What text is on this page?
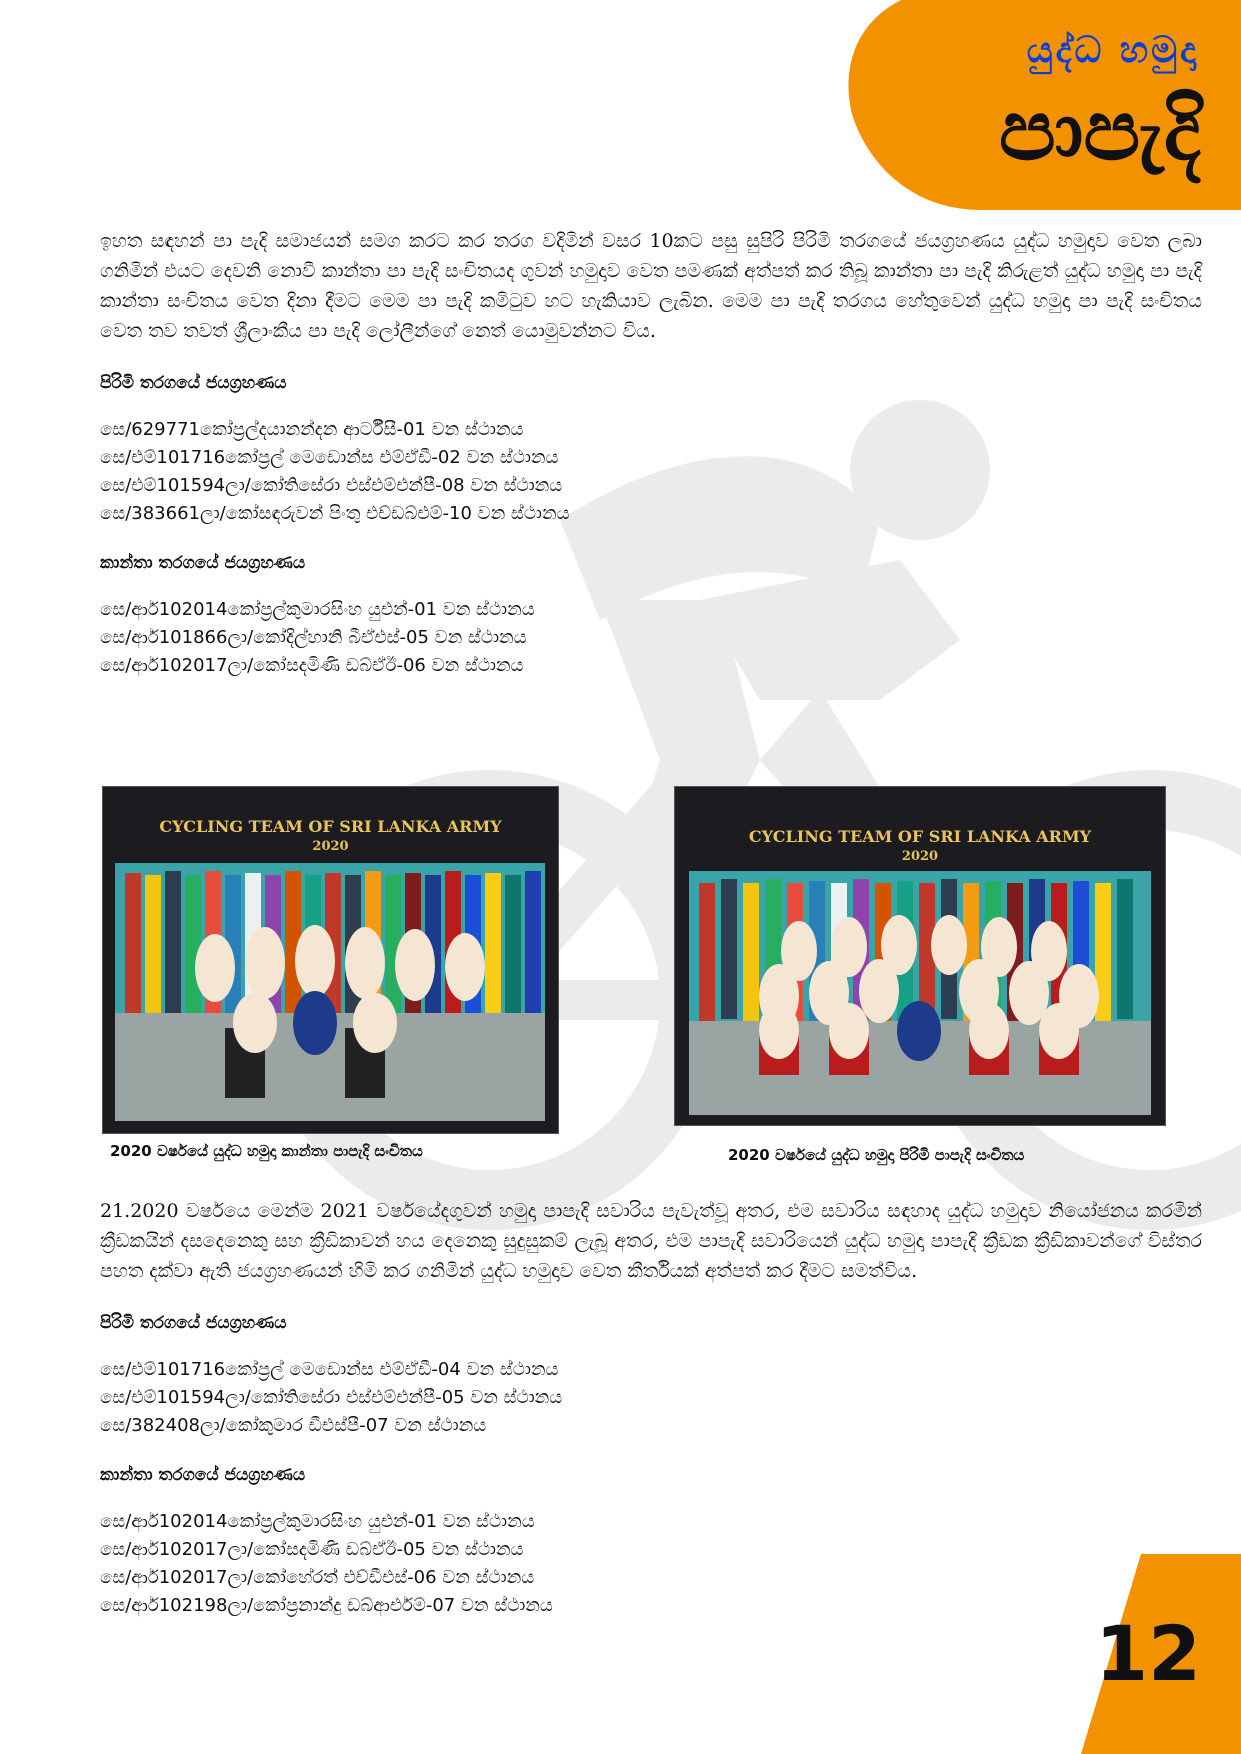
යුද්ධ හමුදා
පාපැදි

ඉහත සඳහන් පා පැදි සමාජයන් සමග කරට කර තරග වදිමින් වසර 10කට පසු සුපිරි පිරිමි තරගයේ ජයග්‍රහණය යුද්ධ හමුදාව වෙත ලබා ගනිමින් එයට දෙවනි නොවී කාන්තා පා පැදි සංචිතයද ගුවන් හමුදාව වෙත පමණක් අත්පත් කර තිබූ කාන්තා පා පැදි කිරුළත් යුද්ධ හමුදා පා පැදි කාන්තා සංචිතය වෙත දිනා දීමට මෙම පා පැදි කමිටුව හට හැකියාව ලැබින. මෙම පා පැදි තරගය හේතුවෙන් යුද්ධ හමුදා පා පැදි සංචිතය වෙත තව තවත් ශ්‍රීලාංකීය පා පැදි ලෝලීන්ගේ නෙත් යොමුවන්නට විය.

පිරිමි තරගයේ ජයග්‍රහණය

සෙ/629771කෝප්‍රල්දයානන්දන ආර්ටීසී-01 වන ස්ථානය
සෙ/එම්101716කෝප්‍රල් මෙඩොන්ස එම්ඒඩී-02 වන ස්ථානය
සෙ/එම්101594ලා/කෝතිසේරා එස්එම්එන්පී-08 වන ස්ථානය
සෙ/383661ලා/කෝසඳරුවන් පිංතු එච්ඩබ්එම්-10 වන ස්ථානය

කාන්තා තරගයේ ජයග්‍රහණය

සෙ/ආර්102014කෝප්‍රල්කුමාරසිංහ යුඑන්-01 වන ස්ථානය
සෙ/ආර්101866ලා/කෝදිල්හානි බීඒඑස්-05 වන ස්ථානය
සෙ/ආර්102017ලා/කෝසදමිණි ඩබ්ඒඊ-06 වන ස්ථානය
CYCLING TEAM OF SRI LANKA ARMY
2020
2020 වර්ෂයේ යුද්ධ හමුදා කාන්තා පාපැදි සංචිතය
CYCLING TEAM OF SRI LANKA ARMY
2020
2020 වර්ෂයේ යුද්ධ හමුදා පිරිමි පාපැදි සංචිතය

21.2020 වර්ෂයෙ මෙන්ම 2021 වර්ෂයේදගුවන් හමුදා පාපැදි සවාරිය පැවැත්වූ අතර, එම සවාරිය සඳහාද යුද්ධ හමුදාව නියෝජනය කරමින් ක්‍රීඩකයින් දසදෙනෙකු සහ ක්‍රීඩිකාවන් හය දෙනෙකු සුදුසුකම් ලැබූ අතර, එම පාපැදි සවාරියෙන් යුද්ධ හමුදා පාපැදි ක්‍රීඩක ක්‍රීඩිකාවන්ගේ විස්තර පහත දක්වා ඇති ජයග්‍රහණයන් හිමි කර ගනිමින් යුද්ධ හමුදාව වෙත කීර්තියක් අත්පත් කර දීමට සමත්විය.

පිරිමි තරගයේ ජයග්‍රහණය

සෙ/එම්101716කෝප්‍රල් මෙඩොන්ස එම්ඒඩී-04 වන ස්ථානය
සෙ/එම්101594ලා/කෝතිසේරා එස්එම්එන්පී-05 වන ස්ථානය
සෙ/382408ලා/කෝකුමාර ඩීඑස්පී-07 වන ස්ථානය

කාන්තා තරගයේ ජයග්‍රහණය

සෙ/ආර්102014කෝප්‍රල්කුමාරසිංහ යුඑන්-01 වන ස්ථානය
සෙ/ආර්102017ලා/කෝසදමිණි ඩබ්ඒඊ-05 වන ස්ථානය
සෙ/ආර්102017ලා/කෝහේරත් එච්ඩීඑස්-06 වන ස්ථානය
සෙ/ආර්102198ලා/කෝප්‍රනාන්දු ඩබ්ආර්එම්-07 වන ස්ථානය
12
